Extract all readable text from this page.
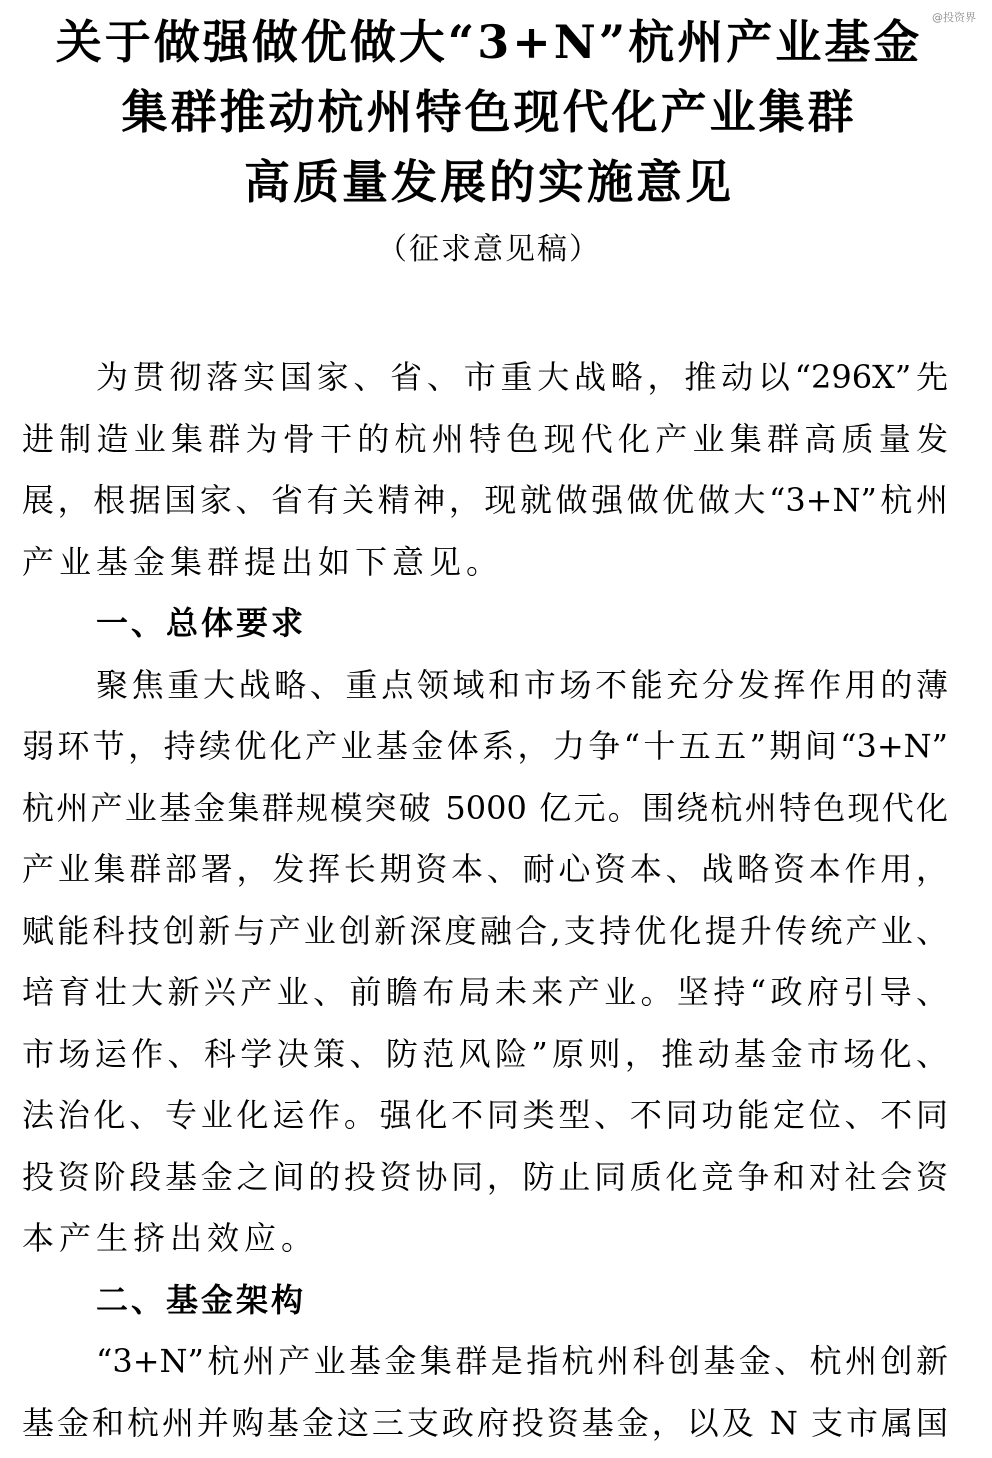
@投资界
关于做强做优做大“3+N”杭州产业基金
集群推动杭州特色现代化产业集群
高质量发展的实施意见
（征求意见稿）
为贯彻落实国家、省、市重大战略，推动以“296X”先
进制造业集群为骨干的杭州特色现代化产业集群高质量发
展，根据国家、省有关精神，现就做强做优做大“3+N”杭州
产业基金集群提出如下意见。
一、总体要求
聚焦重大战略、重点领域和市场不能充分发挥作用的薄
弱环节，持续优化产业基金体系，力争“十五五”期间“3+N”
杭州产业基金集群规模突破 5000 亿元。围绕杭州特色现代化
产业集群部署，发挥长期资本、耐心资本、战略资本作用，
赋能科技创新与产业创新深度融合,支持优化提升传统产业、
培育壮大新兴产业、前瞻布局未来产业。坚持“政府引导、
市场运作、科学决策、防范风险”原则，推动基金市场化、
法治化、专业化运作。强化不同类型、不同功能定位、不同
投资阶段基金之间的投资协同，防止同质化竞争和对社会资
本产生挤出效应。
二、基金架构
“3+N”杭州产业基金集群是指杭州科创基金、杭州创新
基金和杭州并购基金这三支政府投资基金，以及 N 支市属国
